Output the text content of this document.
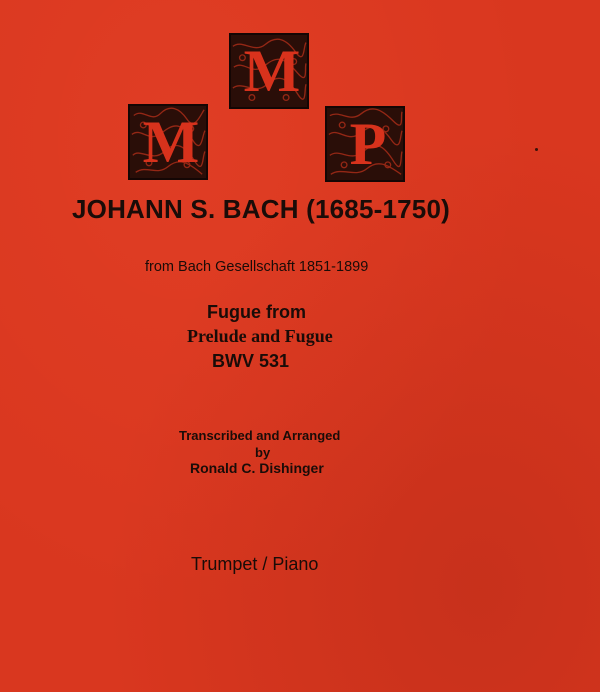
M
M
P

JOHANN S. BACH (1685-1750)

from Bach Gesellschaft 1851-1899

Fugue from

Prelude and Fugue

BWV 531

Transcribed and Arranged

by

Ronald C. Dishinger

Trumpet / Piano
